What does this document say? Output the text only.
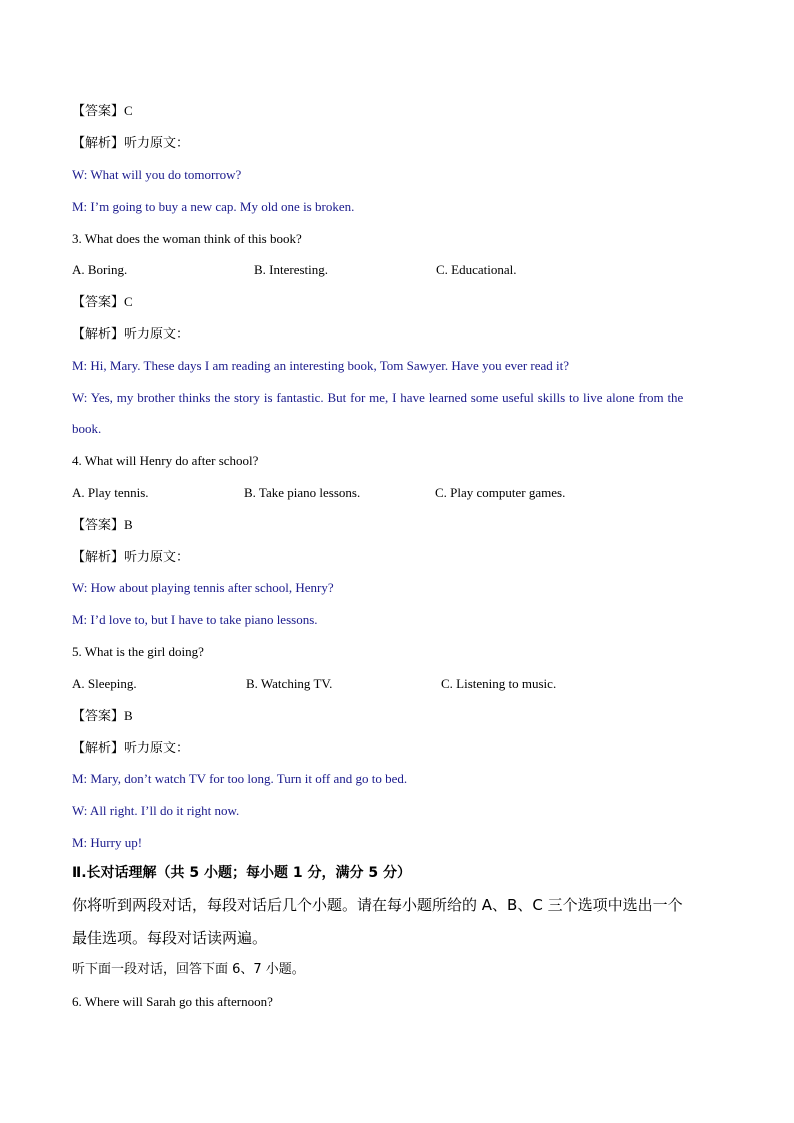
【答案】C
【解析】听力原文：
W: What will you do tomorrow?
M: I’m going to buy a new cap. My old one is broken.
3. What does the woman think of this book?
A. Boring.	B. Interesting.	C. Educational.
【答案】C
【解析】听力原文：
M: Hi, Mary. These days I am reading an interesting book, Tom Sawyer. Have you ever read it?
W: Yes, my brother thinks the story is fantastic. But for me, I have learned some useful skills to live alone from the
book.
4. What will Henry do after school?
A. Play tennis.	B. Take piano lessons.	C. Play computer games.
【答案】B
【解析】听力原文：
W: How about playing tennis after school, Henry?
M: I’d love to, but I have to take piano lessons.
5. What is the girl doing?
A. Sleeping.	B. Watching TV.	C. Listening to music.
【答案】B
【解析】听力原文：
M: Mary, don’t watch TV for too long. Turn it off and go to bed.
W: All right. I’ll do it right now.
M: Hurry up!
Ⅱ.长对话理解（共 5 小题；每小题 1 分，满分 5 分）
你将听到两段对话，每段对话后几个小题。请在每小题所给的 A、B、C 三个选项中选出一个
最佳选项。每段对话读两遍。
听下面一段对话，回答下面 6、7 小题。
6. Where will Sarah go this afternoon?
